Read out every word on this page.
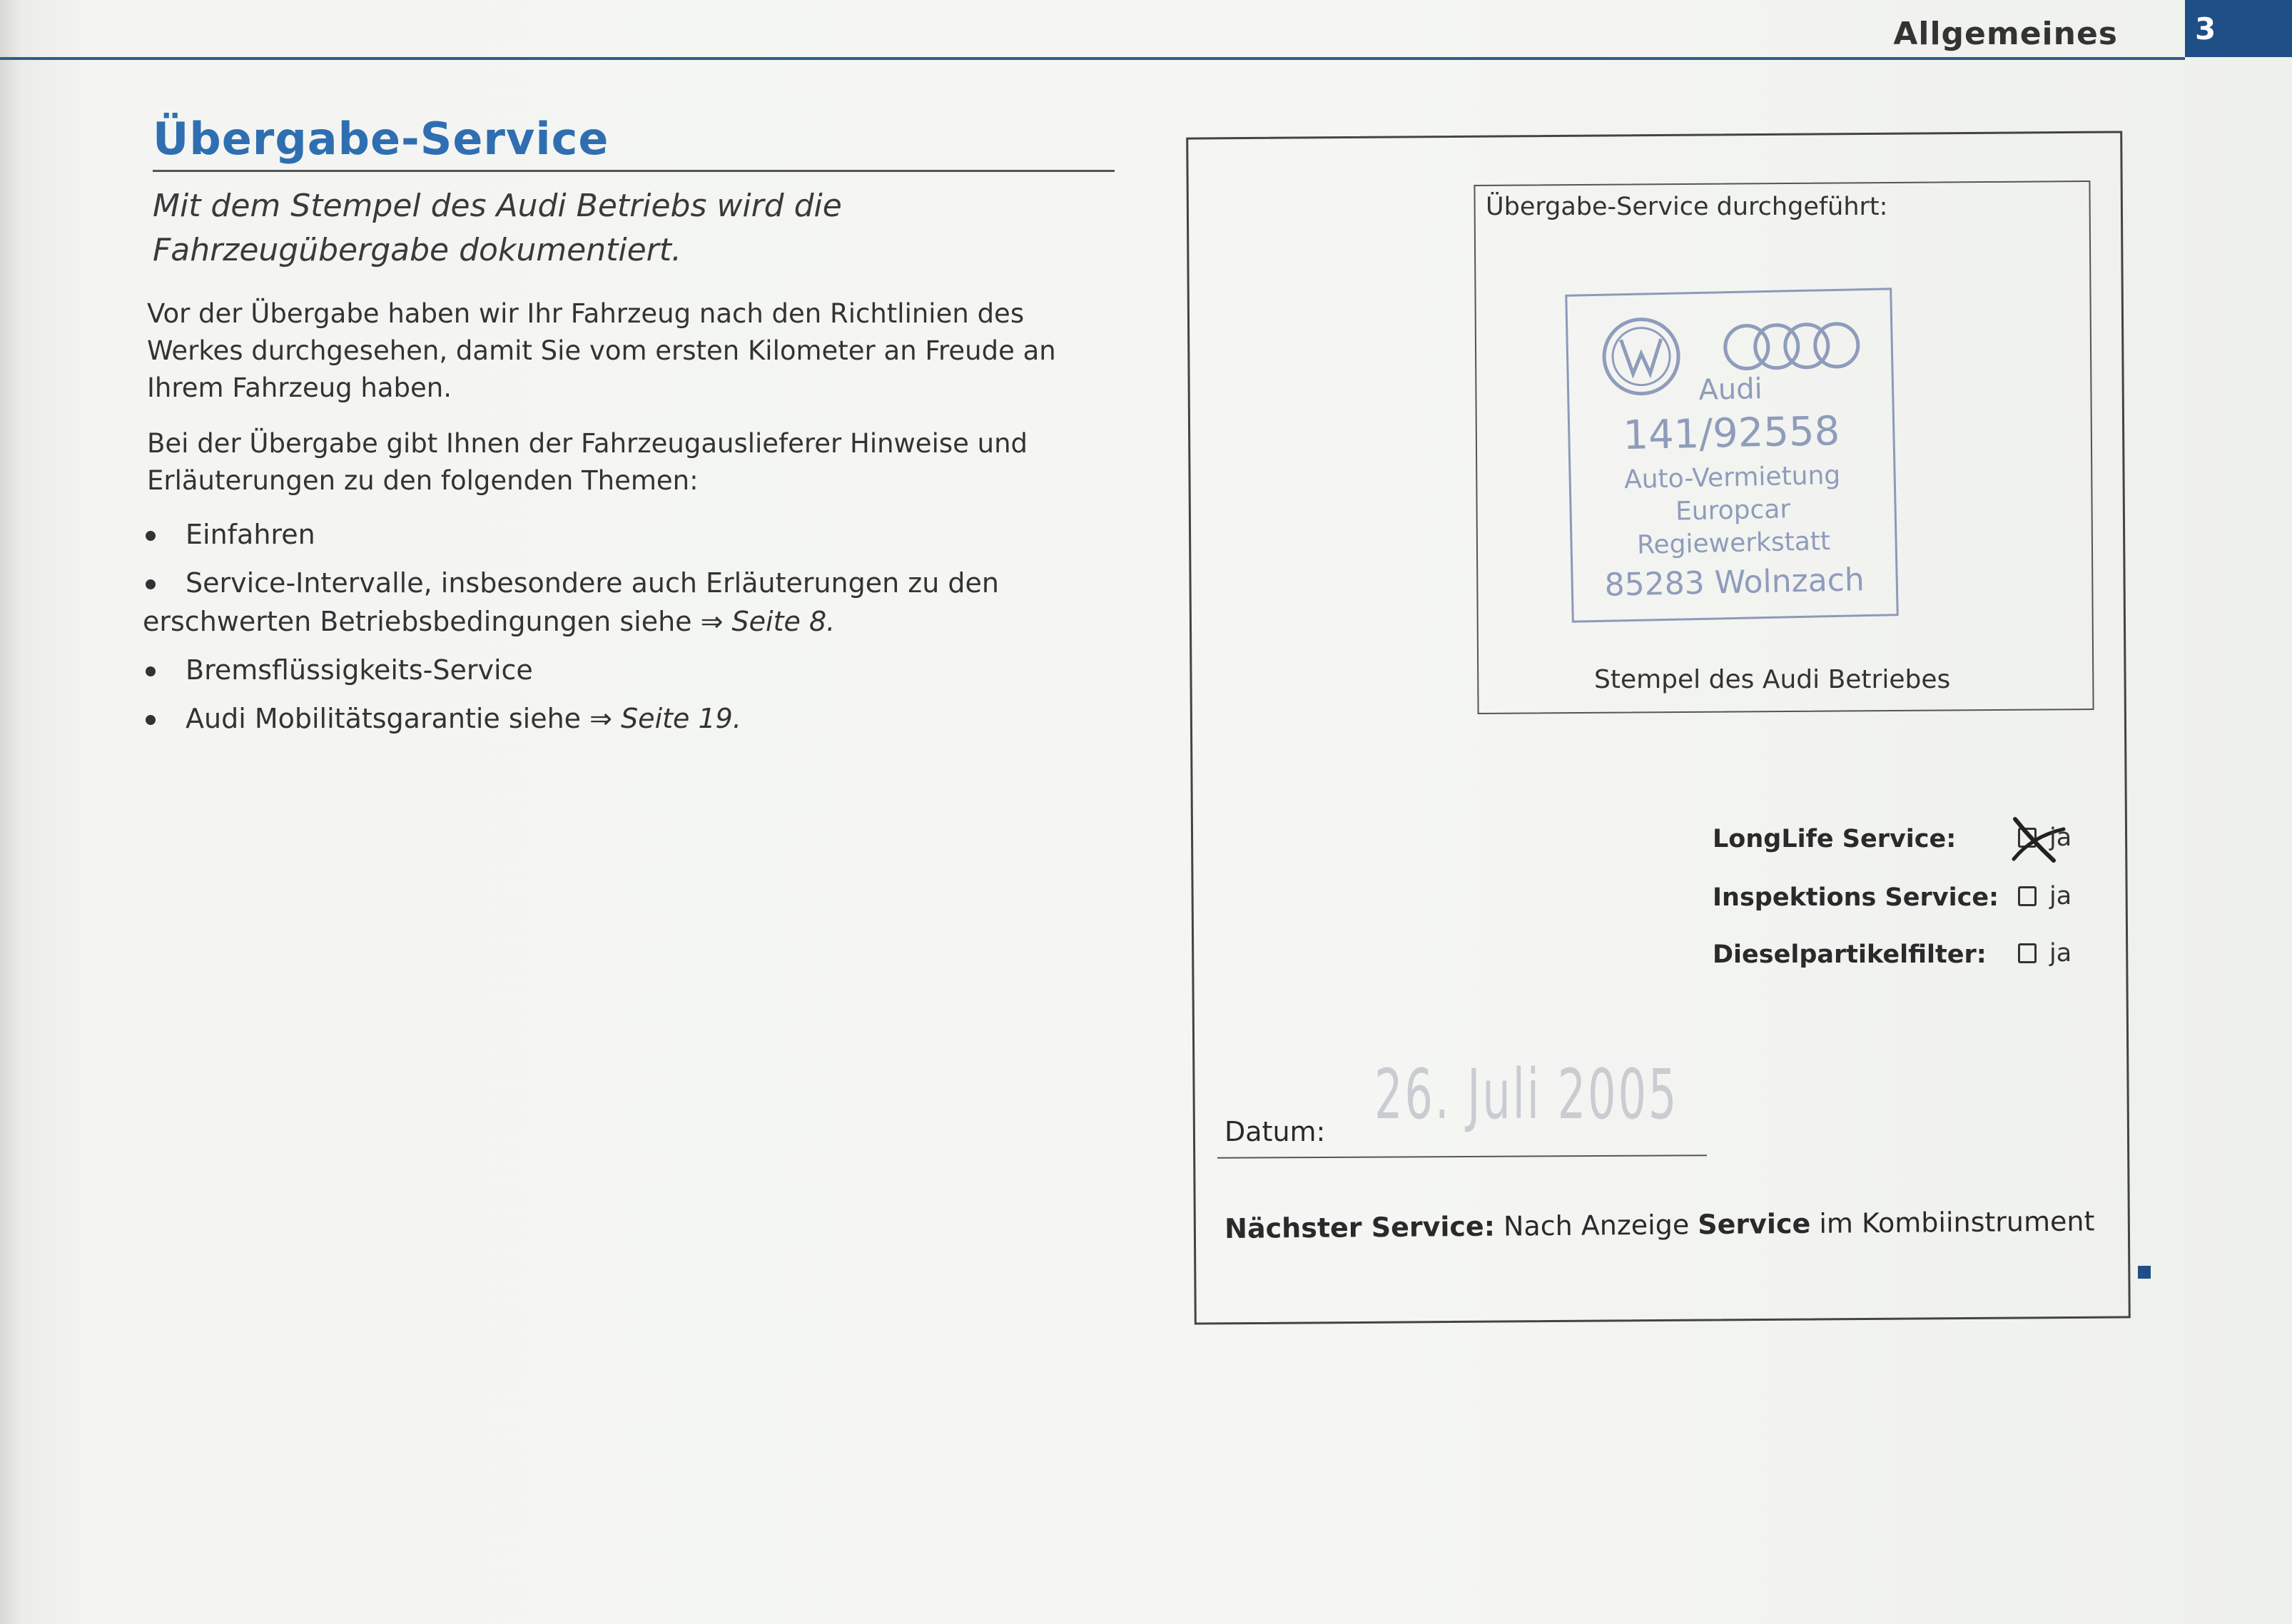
Allgemeines	3
Übergabe-Service
Mit dem Stempel des Audi Betriebs wird die Fahrzeugübergabe dokumentiert.
Vor der Übergabe haben wir Ihr Fahrzeug nach den Richtlinien des Werkes durchgesehen, damit Sie vom ersten Kilometer an Freude an Ihrem Fahrzeug haben.
Bei der Übergabe gibt Ihnen der Fahrzeugauslieferer Hinweise und Erläuterungen zu den folgenden Themen:
Einfahren
Service-Intervalle, insbesondere auch Erläuterungen zu den erschwerten Betriebsbedingungen siehe ⇒ Seite 8.
Bremsflüssigkeits-Service
Audi Mobilitätsgarantie siehe ⇒ Seite 19.
Übergabe-Service durchgeführt:
Audi
141/92558
Auto-Vermietung
Europcar
Regiewerkstatt
85283 Wolnzach
Stempel des Audi Betriebes
LongLife Service:
Inspektions Service:
Dieselpartikelfilter:
ja
ja
ja
26. Juli 2005
Datum:
Nächster Service: Nach Anzeige Service im Kombiinstrument
